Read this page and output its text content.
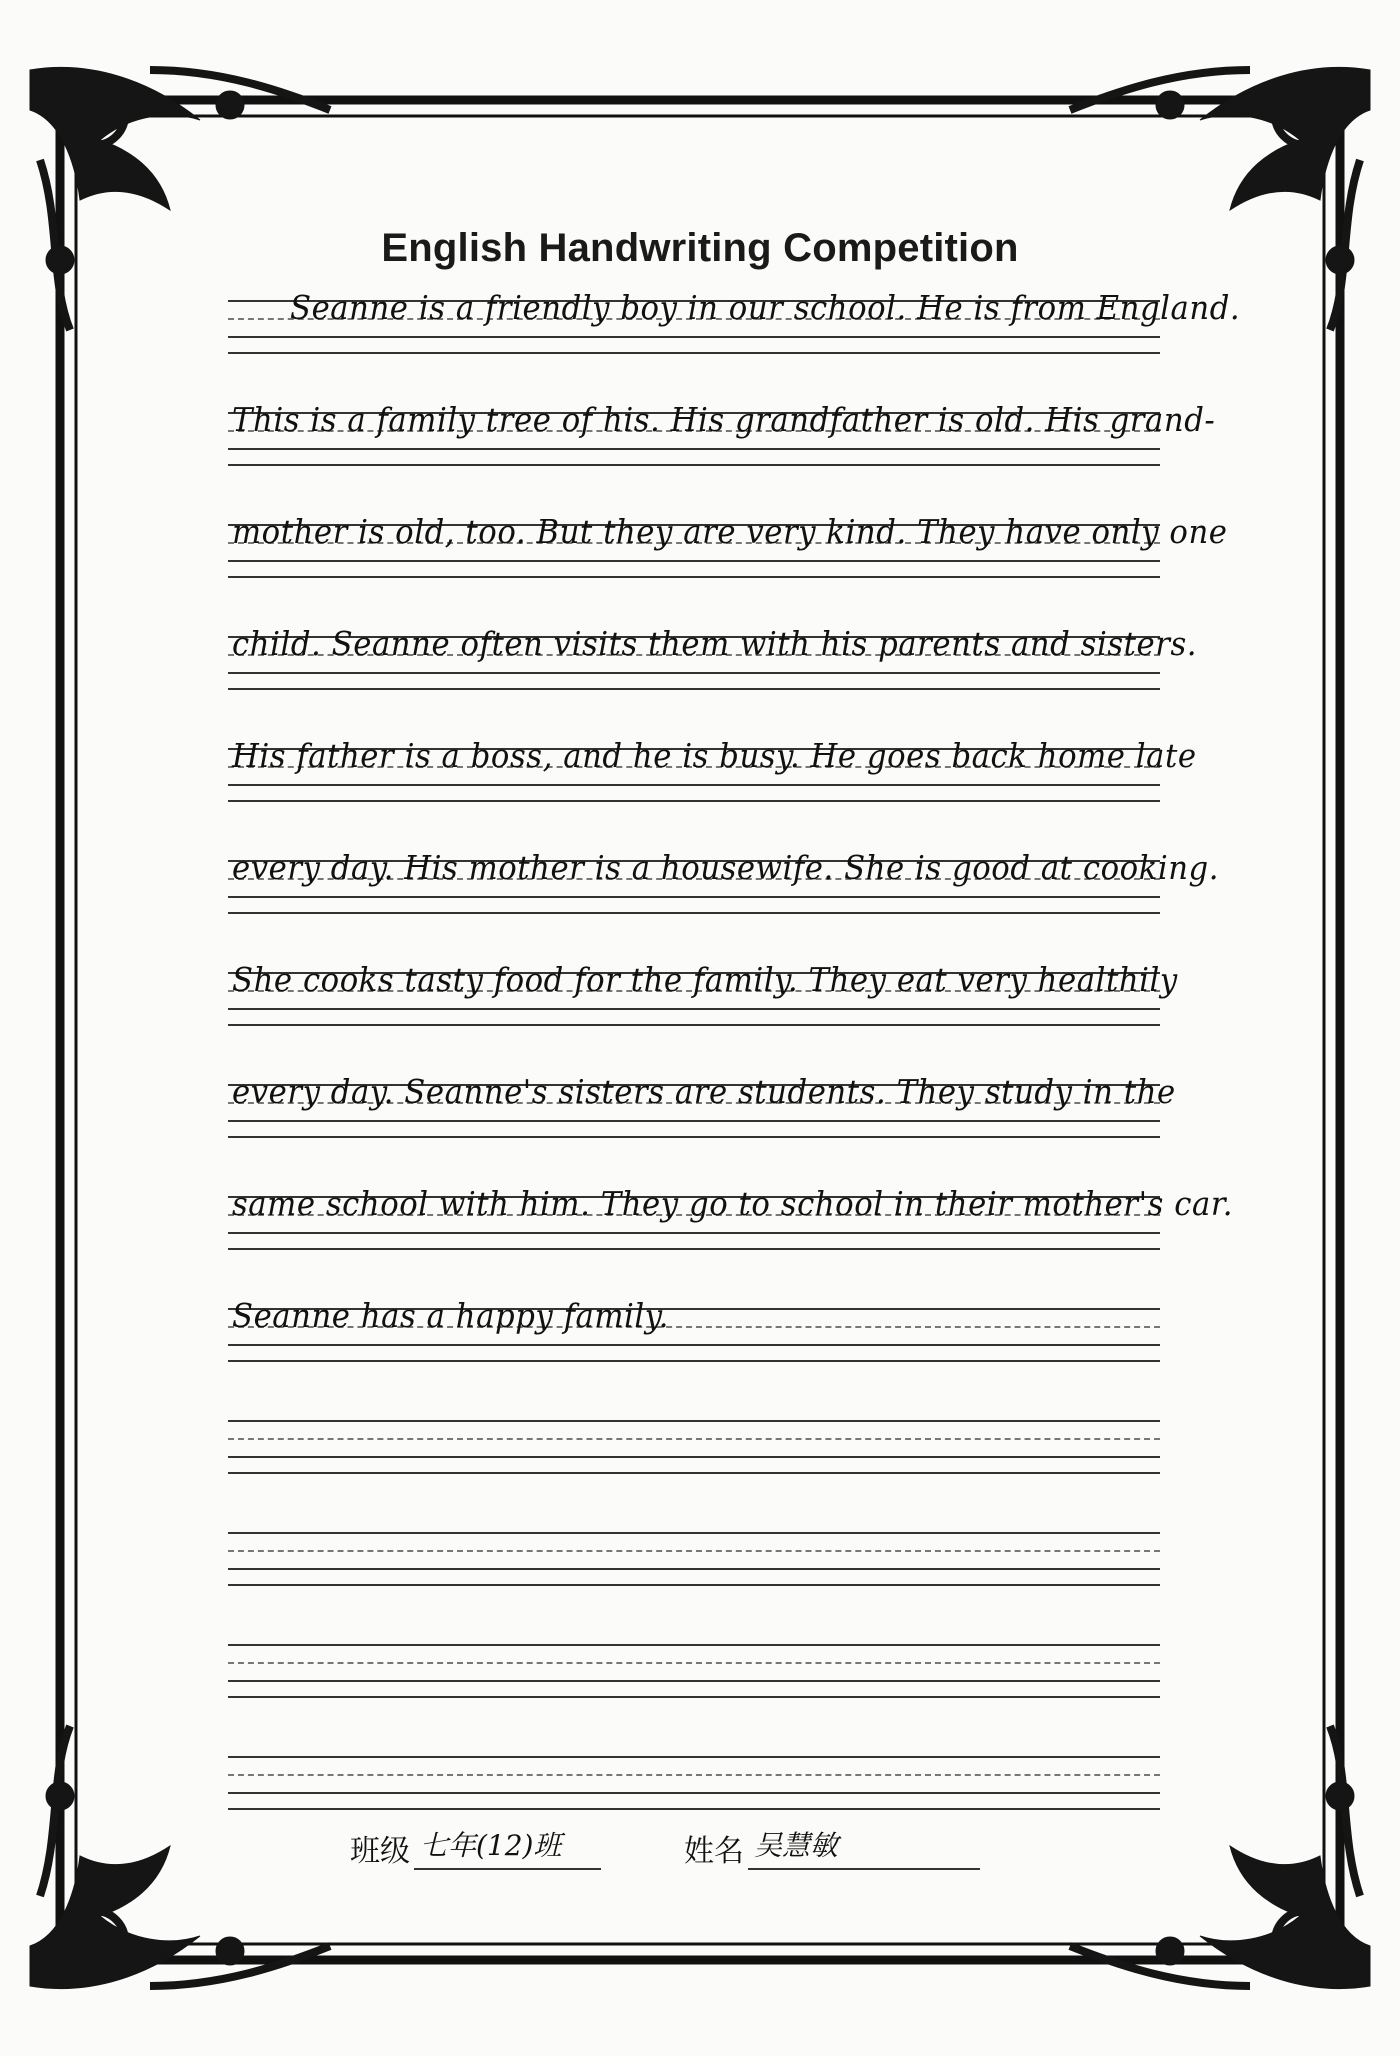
English Handwriting Competition
Seanne is a friendly boy in our school. He is from England.
This is a family tree of his. His grandfather is old. His grand-
mother is old, too. But they are very kind. They have only one
child. Seanne often visits them with his parents and sisters.
His father is a boss, and he is busy. He goes back home late
every day. His mother is a housewife. She is good at cooking.
She cooks tasty food for the family. They eat very healthily
every day. Seanne's sisters are students. They study in the
same school with him. They go to school in their mother's car.
Seanne has a happy family.
班级 七年(12)班	姓名 吴慧敏
